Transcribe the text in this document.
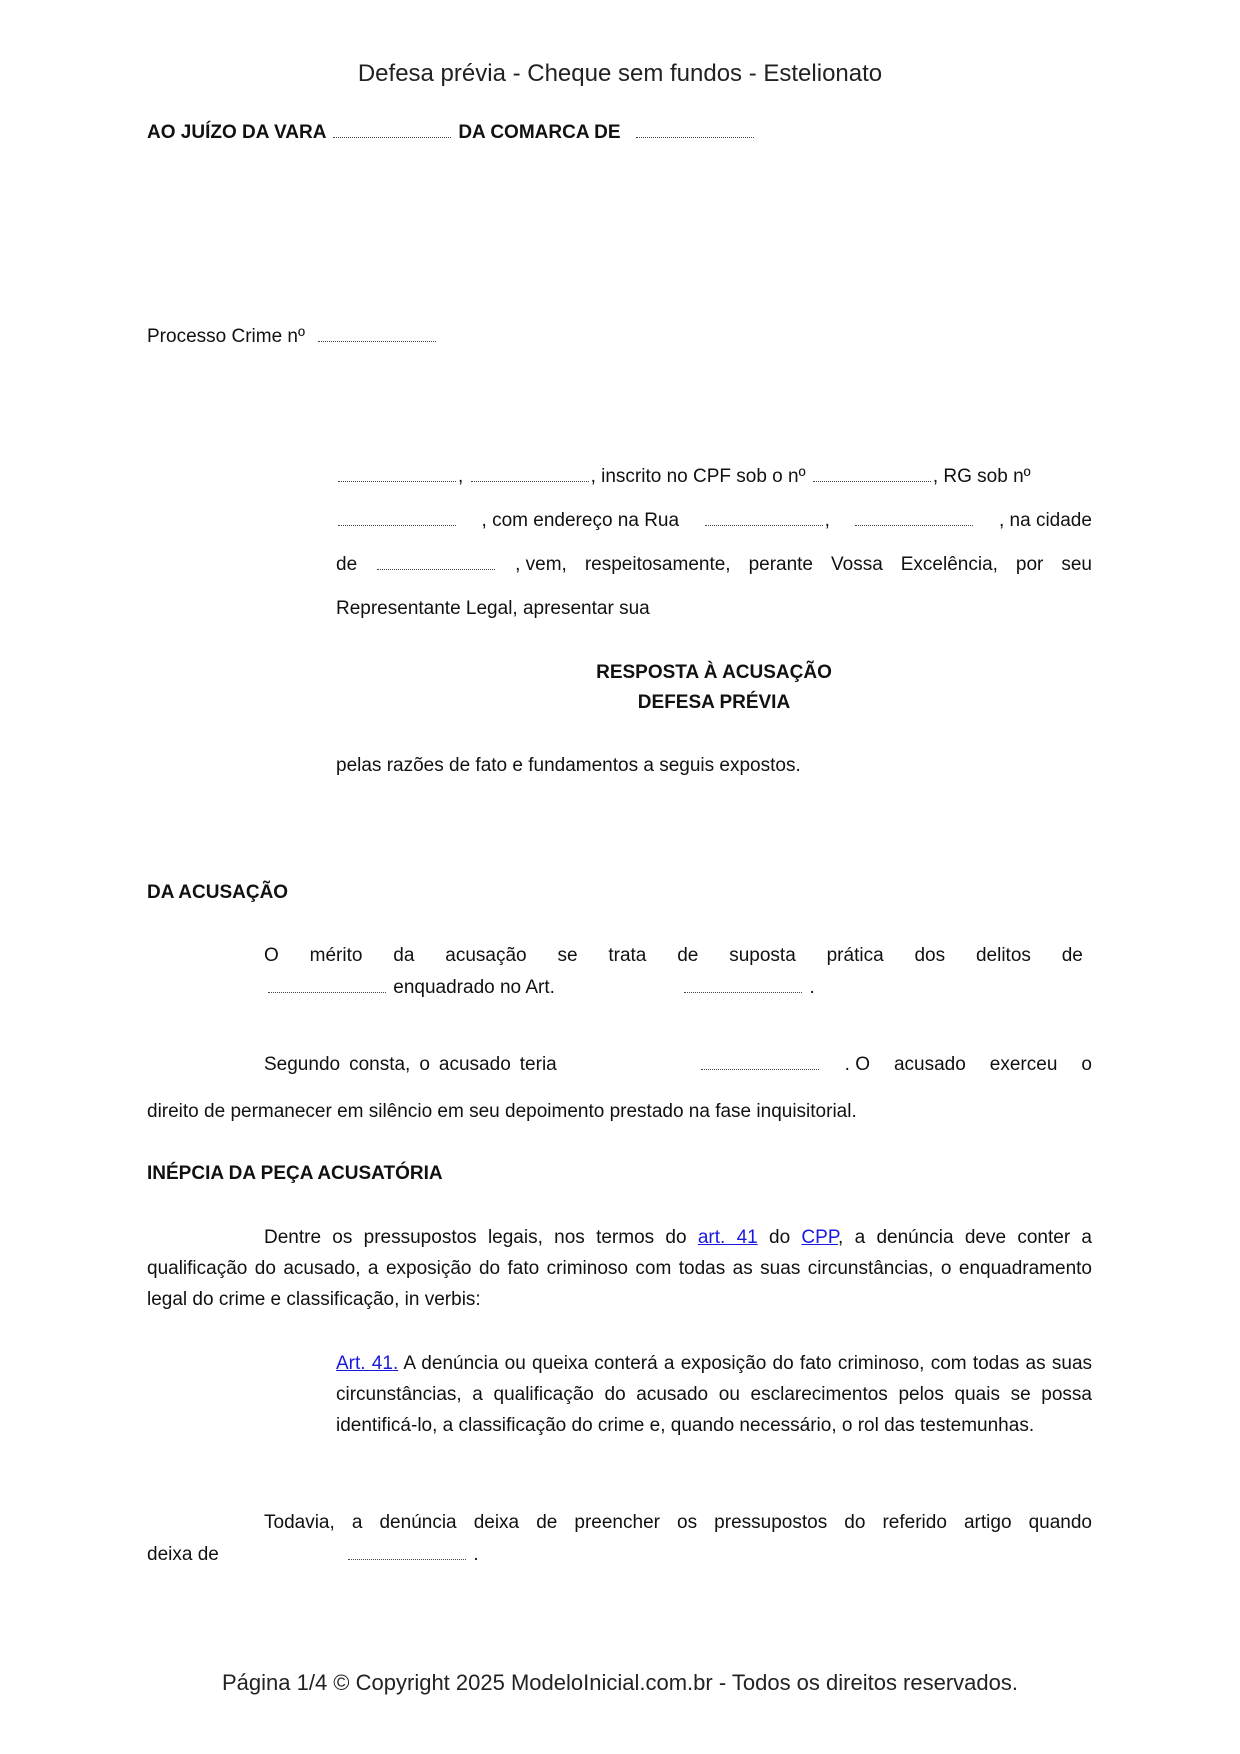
Defesa prévia - Cheque sem fundos - Estelionato
AO JUÍZO DA VARA	DA COMARCA DE
Processo Crime nº
,	, inscrito no CPF sob o nº	, RG sob nº
, com endereço na Rua	,	, na cidade
de	, vem, respeitosamente, perante Vossa Excelência, por seu
Representante Legal, apresentar sua
RESPOSTA À ACUSAÇÃO
DEFESA PRÉVIA
pelas razões de fato e fundamentos a seguis expostos.
DA ACUSAÇÃO
O mérito da acusação se trata de suposta prática dos delitos de
enquadrado no Art.	.
Segundo consta, o acusado teria	. O acusado exerceu o
direito de permanecer em silêncio em seu depoimento prestado na fase inquisitorial.
INÉPCIA DA PEÇA ACUSATÓRIA
Dentre os pressupostos legais, nos termos do art. 41 do CPP, a denúncia deve conter a qualificação do acusado, a exposição do fato criminoso com todas as suas circunstâncias, o enquadramento legal do crime e classificação, in verbis:
Art. 41. A denúncia ou queixa conterá a exposição do fato criminoso, com todas as suas circunstâncias, a qualificação do acusado ou esclarecimentos pelos quais se possa identificá-lo, a classificação do crime e, quando necessário, o rol das testemunhas.
Todavia, a denúncia deixa de preencher os pressupostos do referido artigo quando
deixa de	.
Página 1/4 © Copyright 2025 ModeloInicial.com.br - Todos os direitos reservados.
